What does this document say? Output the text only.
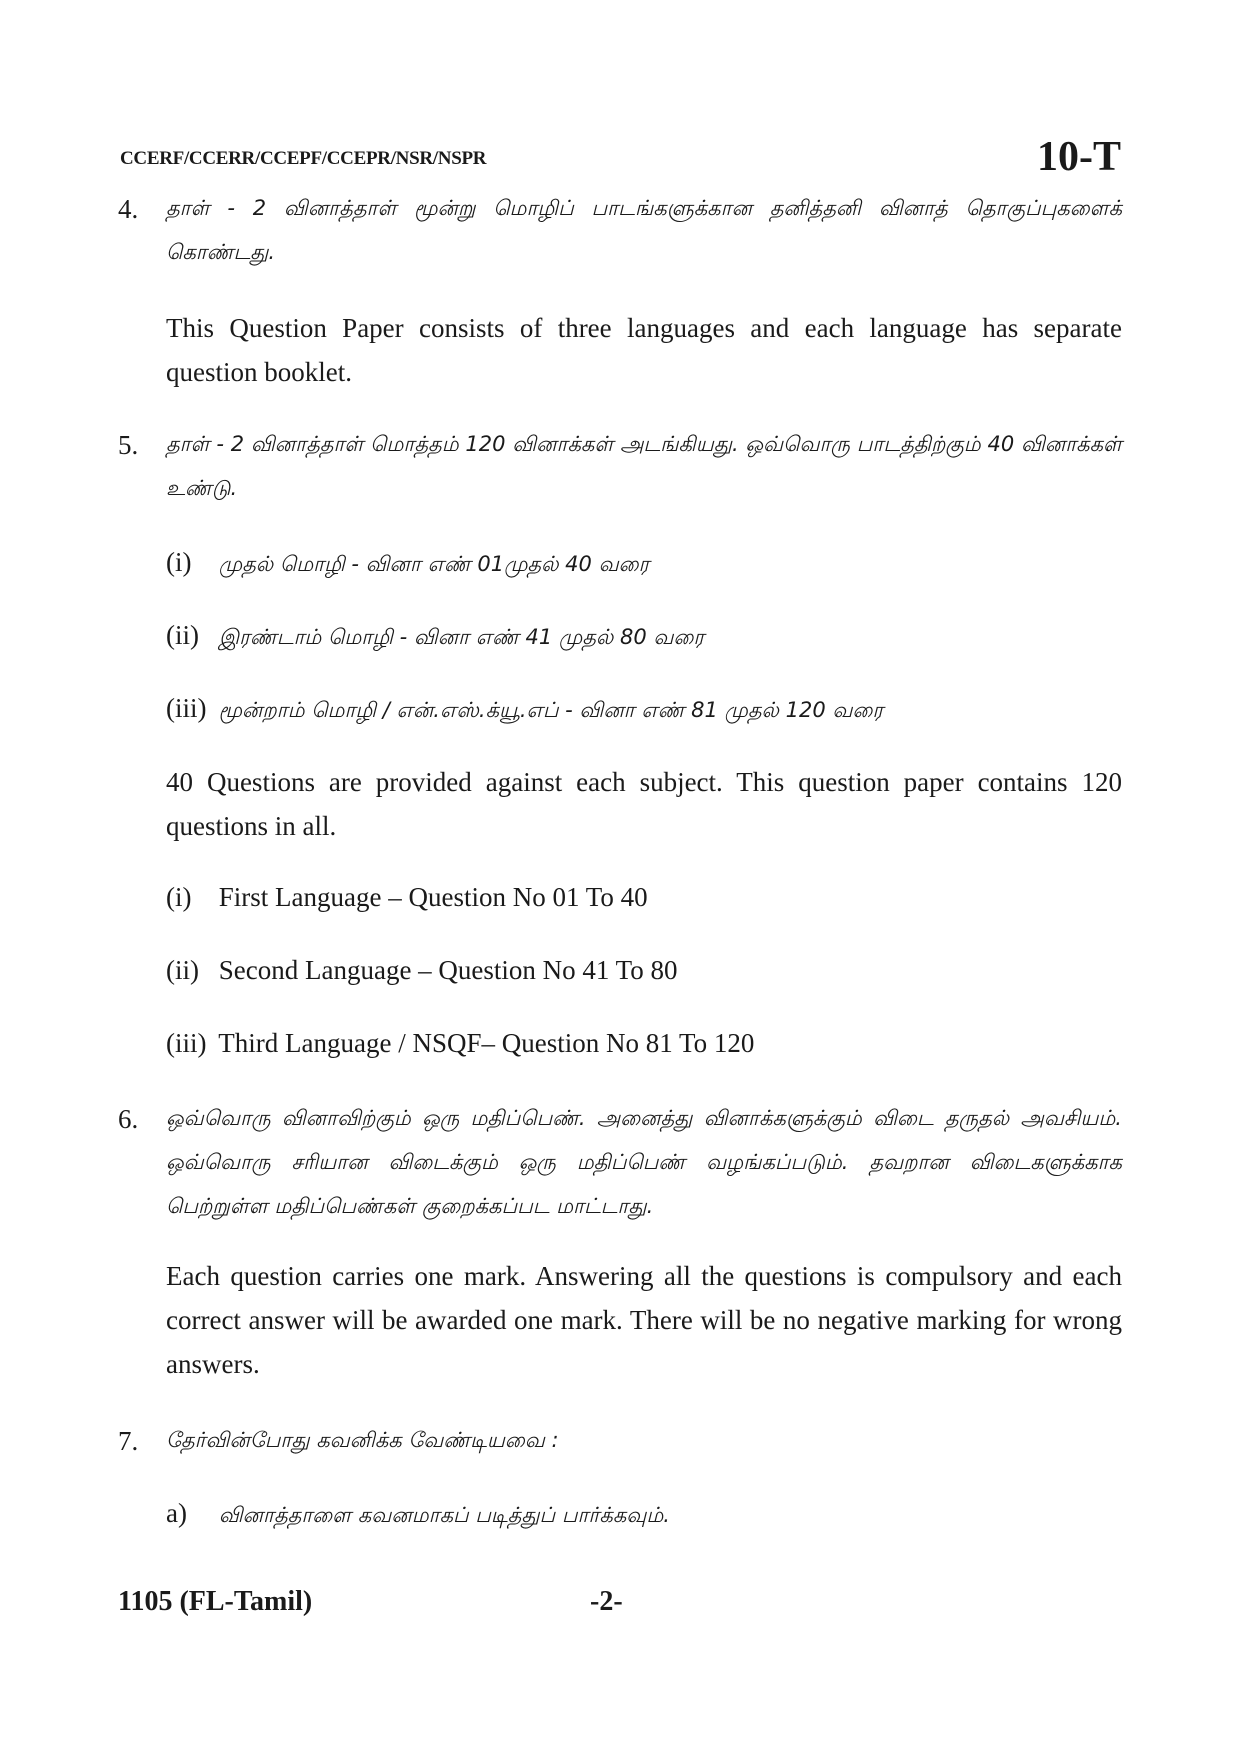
CCERF/CCERR/CCEPF/CCEPR/NSR/NSPR	10-T
4. தாள் - 2 வினாத்தாள் மூன்று மொழிப் பாடங்களுக்கான தனித்தனி வினாத் தொகுப்புகளைக் கொண்டது.
This Question Paper consists of three languages and each language has separate question booklet.
5. தாள் - 2 வினாத்தாள் மொத்தம் 120 வினாக்கள் அடங்கியது. ஒவ்வொரு பாடத்திற்கும் 40 வினாக்கள் உண்டு.
(i) முதல் மொழி - வினா எண் 01முதல் 40 வரை
(ii) இரண்டாம் மொழி - வினா எண் 41 முதல் 80 வரை
(iii) மூன்றாம் மொழி / என்.எஸ்.க்யூ.எப் - வினா எண் 81 முதல் 120 வரை
40 Questions are provided against each subject. This question paper contains 120 questions in all.
(i) First Language – Question No 01 To 40
(ii) Second Language – Question No 41 To 80
(iii) Third Language / NSQF– Question No 81 To 120
6. ஒவ்வொரு வினாவிற்கும் ஒரு மதிப்பெண். அனைத்து வினாக்களுக்கும் விடை தருதல் அவசியம். ஒவ்வொரு சரியான விடைக்கும் ஒரு மதிப்பெண் வழங்கப்படும். தவறான விடைகளுக்காக பெற்றுள்ள மதிப்பெண்கள் குறைக்கப்பட மாட்டாது.
Each question carries one mark. Answering all the questions is compulsory and each correct answer will be awarded one mark. There will be no negative marking for wrong answers.
7. தேர்வின்போது கவனிக்க வேண்டியவை :
a) வினாத்தாளை கவனமாகப் படித்துப் பார்க்கவும்.
1105 (FL-Tamil)	-2-
